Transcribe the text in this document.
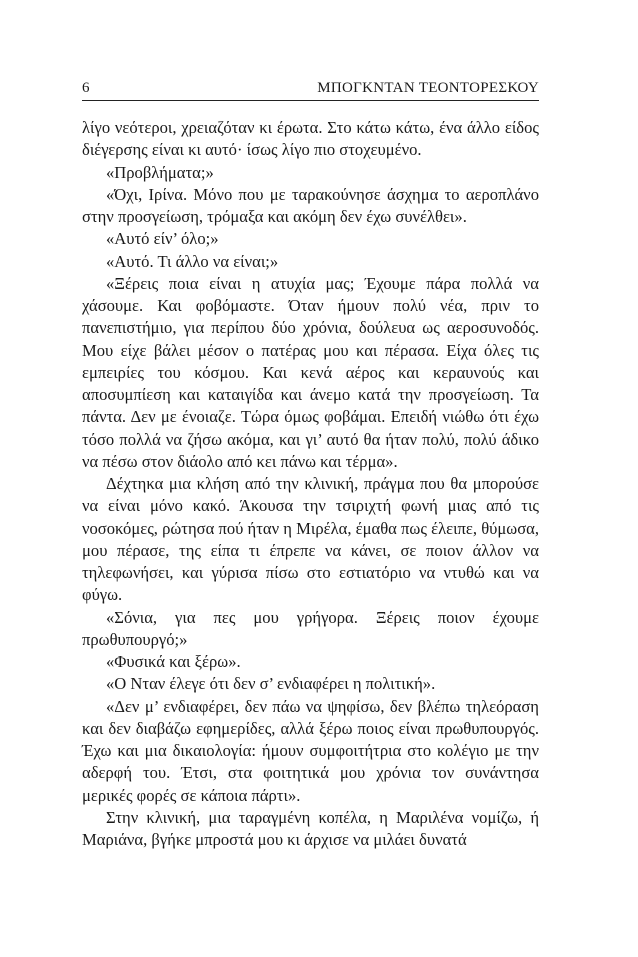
6	ΜΠΟΓΚΝΤΑΝ ΤΕΟΝΤΟΡΕΣΚΟΥ

λίγο νεότεροι, χρειαζόταν κι έρωτα. Στο κάτω κάτω, ένα άλλο είδος διέγερσης είναι κι αυτό· ίσως λίγο πιο στοχευμένο.

«Προβλήματα;»

«Όχι, Ιρίνα. Μόνο που με ταρακούνησε άσχημα το αεροπλάνο στην προσγείωση, τρόμαξα και ακόμη δεν έχω συνέλθει».

«Αυτό είν’ όλο;»

«Αυτό. Τι άλλο να είναι;»

«Ξέρεις ποια είναι η ατυχία μας; Έχουμε πάρα πολλά να χάσουμε. Και φοβόμαστε. Όταν ήμουν πολύ νέα, πριν το πανεπιστήμιο, για περίπου δύο χρόνια, δούλευα ως αεροσυνοδός. Μου είχε βάλει μέσον ο πατέρας μου και πέρασα. Είχα όλες τις εμπειρίες του κόσμου. Και κενά αέρος και κεραυνούς και αποσυμπίεση και καταιγίδα και άνεμο κατά την προσγείωση. Τα πάντα. Δεν με ένοιαζε. Τώρα όμως φοβάμαι. Επειδή νιώθω ότι έχω τόσο πολλά να ζήσω ακόμα, και γι’ αυτό θα ήταν πολύ, πολύ άδικο να πέσω στον διάολο από κει πάνω και τέρμα».

Δέχτηκα μια κλήση από την κλινική, πράγμα που θα μπορούσε να είναι μόνο κακό. Άκουσα την τσιριχτή φωνή μιας από τις νοσοκόμες, ρώτησα πού ήταν η Μιρέλα, έμαθα πως έλειπε, θύμωσα, μου πέρασε, της είπα τι έπρεπε να κάνει, σε ποιον άλλον να τηλεφωνήσει, και γύρισα πίσω στο εστιατόριο να ντυθώ και να φύγω.

«Σόνια, για πες μου γρήγορα. Ξέρεις ποιον έχουμε πρωθυπουργό;»

«Φυσικά και ξέρω».

«Ο Νταν έλεγε ότι δεν σ’ ενδιαφέρει η πολιτική».

«Δεν μ’ ενδιαφέρει, δεν πάω να ψηφίσω, δεν βλέπω τηλεόραση και δεν διαβάζω εφημερίδες, αλλά ξέρω ποιος είναι πρωθυπουργός. Έχω και μια δικαιολογία: ήμουν συμφοιτήτρια στο κολέγιο με την αδερφή του. Έτσι, στα φοιτητικά μου χρόνια τον συνάντησα μερικές φορές σε κάποια πάρτι».

Στην κλινική, μια ταραγμένη κοπέλα, η Μαριλένα νομίζω, ή Μαριάνα, βγήκε μπροστά μου κι άρχισε να μιλάει δυνατά
